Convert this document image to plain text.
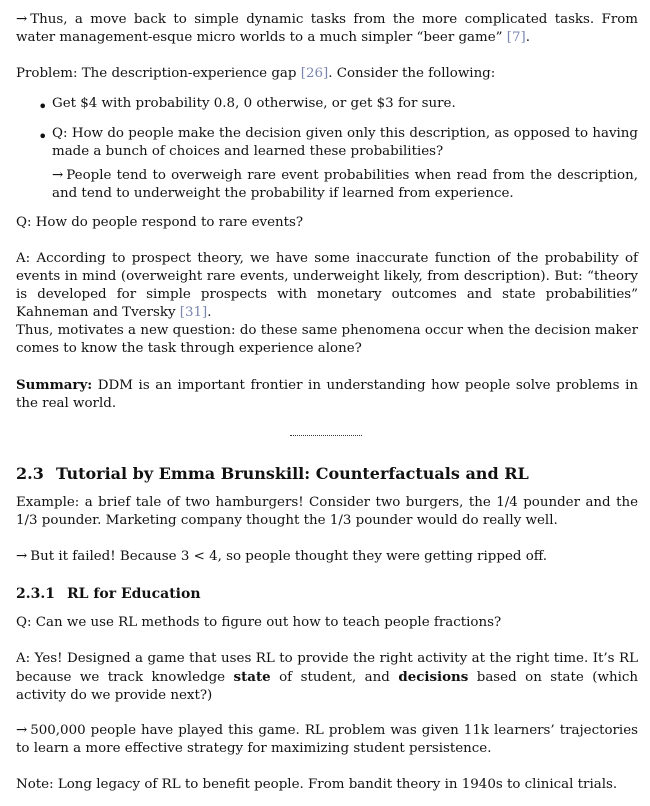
→ Thus, a move back to simple dynamic tasks from the more complicated tasks. From water management-esque micro worlds to a much simpler “beer game” [7].

Problem: The description-experience gap [26]. Consider the following:

• Get $4 with probability 0.8, 0 otherwise, or get $3 for sure.
• Q: How do people make the decision given only this description, as opposed to having made a bunch of choices and learned these probabilities?
→ People tend to overweigh rare event probabilities when read from the description, and tend to underweight the probability if learned from experience.
Q: How do people respond to rare events?

A: According to prospect theory, we have some inaccurate function of the probability of events in mind (overweight rare events, underweight likely, from description). But: “theory is developed for simple prospects with monetary outcomes and state probabilities” Kahneman and Tversky [31].

Thus, motivates a new question: do these same phenomena occur when the decision maker comes to know the task through experience alone?

Summary: DDM is an important frontier in understanding how people solve problems in the real world.

2.3 Tutorial by Emma Brunskill: Counterfactuals and RL
Example: a brief tale of two hamburgers! Consider two burgers, the 1/4 pounder and the 1/3 pounder. Marketing company thought the 1/3 pounder would do really well.

→ But it failed! Because 3 < 4, so people thought they were getting ripped off.

2.3.1 RL for Education
Q: Can we use RL methods to figure out how to teach people fractions?

A: Yes! Designed a game that uses RL to provide the right activity at the right time. It’s RL because we track knowledge state of student, and decisions based on state (which activity do we provide next?)

→ 500,000 people have played this game. RL problem was given 11k learners’ trajectories to learn a more effective strategy for maximizing student persistence.

Note: Long legacy of RL to benefit people. From bandit theory in 1940s to clinical trials.
